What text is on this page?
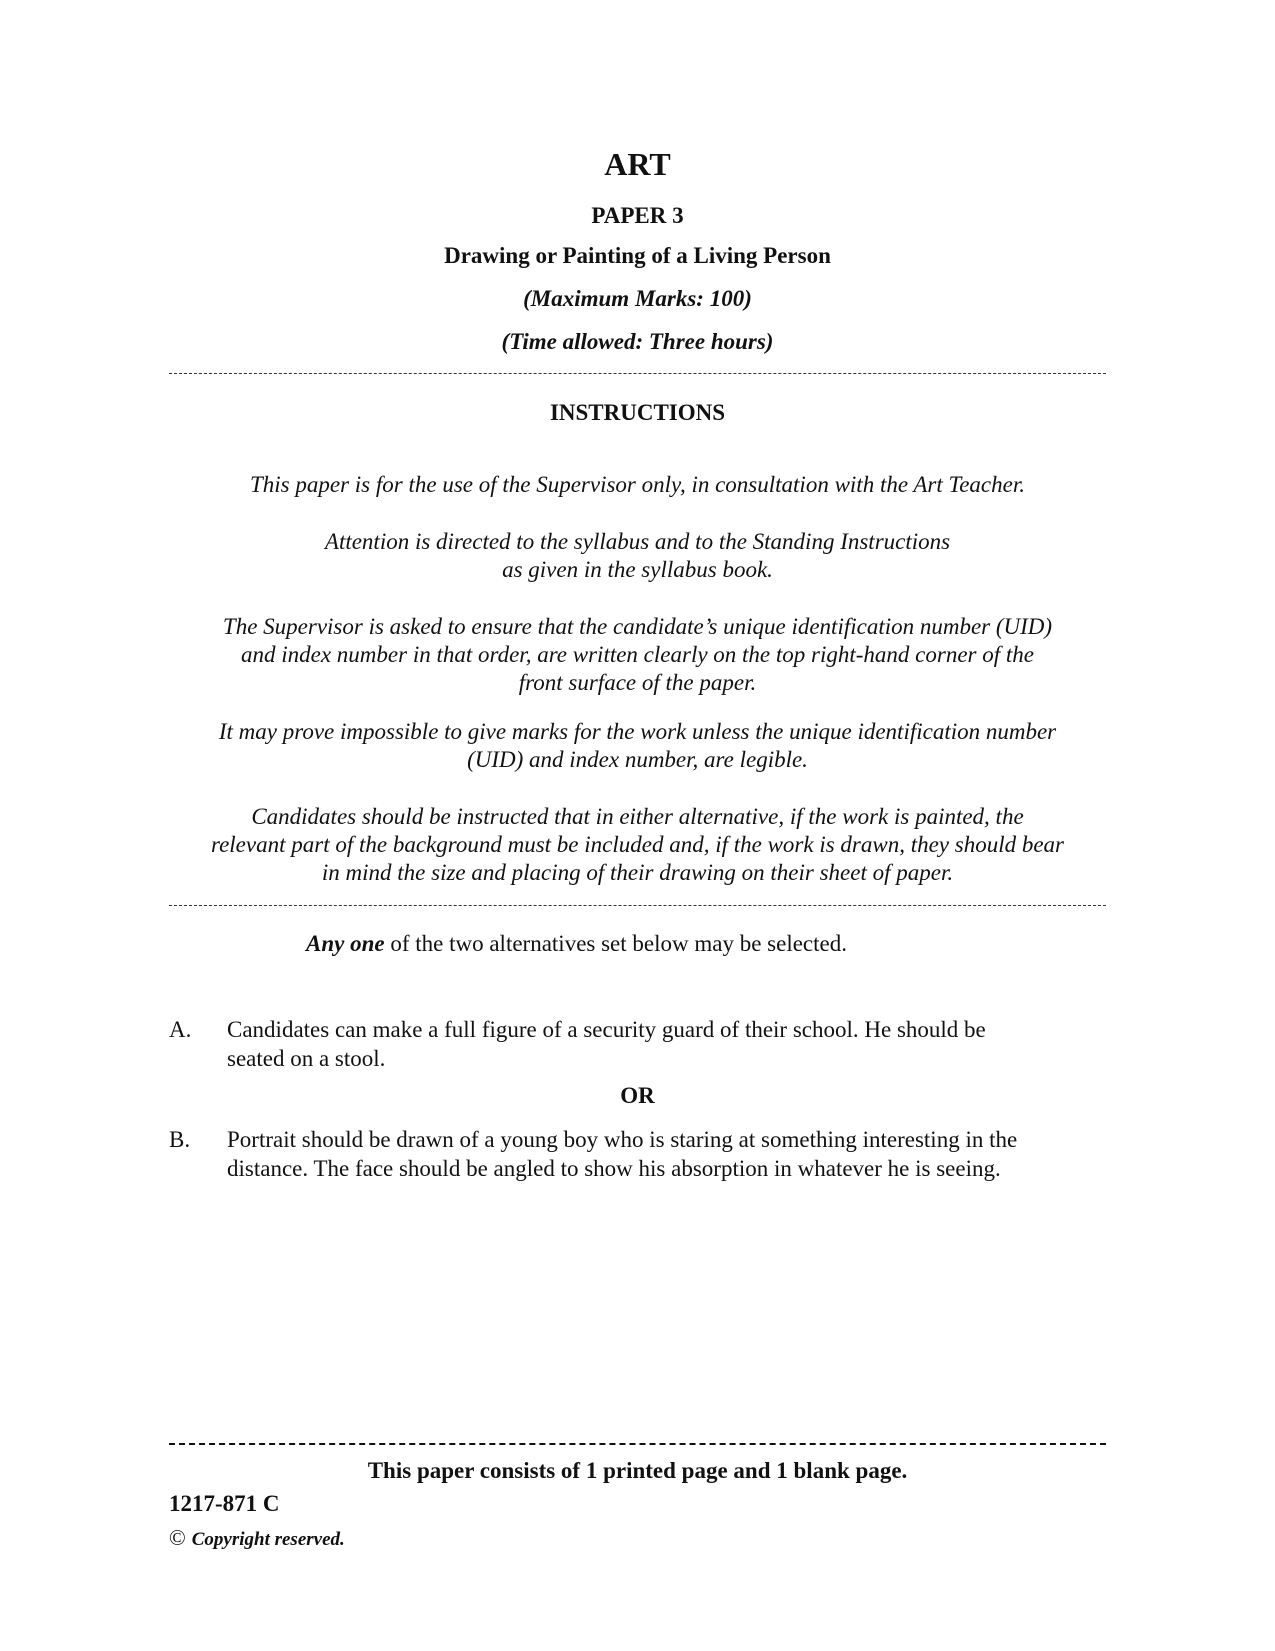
ART
PAPER 3
Drawing or Painting of a Living Person
(Maximum Marks: 100)
(Time allowed: Three hours)
INSTRUCTIONS
This paper is for the use of the Supervisor only, in consultation with the Art Teacher.
Attention is directed to the syllabus and to the Standing Instructions
as given in the syllabus book.
The Supervisor is asked to ensure that the candidate’s unique identification number (UID)
and index number in that order, are written clearly on the top right-hand corner of the
front surface of the paper.
It may prove impossible to give marks for the work unless the unique identification number
(UID) and index number, are legible.
Candidates should be instructed that in either alternative, if the work is painted, the
relevant part of the background must be included and, if the work is drawn, they should bear
in mind the size and placing of their drawing on their sheet of paper.
Any one of the two alternatives set below may be selected.
A. Candidates can make a full figure of a security guard of their school. He should be
seated on a stool.
OR
B. Portrait should be drawn of a young boy who is staring at something interesting in the
distance. The face should be angled to show his absorption in whatever he is seeing.
This paper consists of 1 printed page and 1 blank page.
1217-871 C
© Copyright reserved.
